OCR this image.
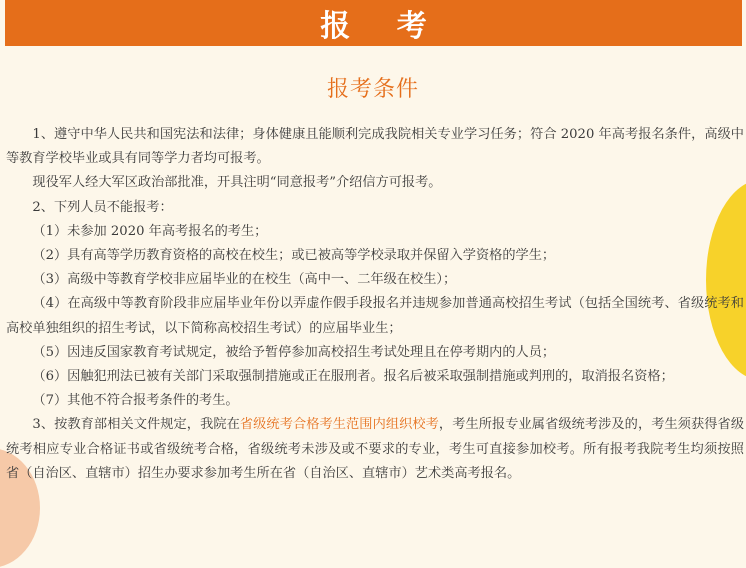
报 考
报考条件

1、遵守中华人民共和国宪法和法律；身体健康且能顺利完成我院相关专业学习任务；符合 2020 年高考报名条件，高级中等教育学校毕业或具有同等学力者均可报考。

现役军人经大军区政治部批准，开具注明“同意报考”介绍信方可报考。

2、下列人员不能报考：

（1）未参加 2020 年高考报名的考生；

（2）具有高等学历教育资格的高校在校生；或已被高等学校录取并保留入学资格的学生；

（3）高级中等教育学校非应届毕业的在校生（高中一、二年级在校生）；

（4）在高级中等教育阶段非应届毕业年份以弄虚作假手段报名并违规参加普通高校招生考试（包括全国统考、省级统考和高校单独组织的招生考试，以下简称高校招生考试）的应届毕业生；

（5）因违反国家教育考试规定，被给予暂停参加高校招生考试处理且在停考期内的人员；

（6）因触犯刑法已被有关部门采取强制措施或正在服刑者。报名后被采取强制措施或判刑的，取消报名资格；

（7）其他不符合报考条件的考生。

3、按教育部相关文件规定，我院在省级统考合格考生范围内组织校考，考生所报专业属省级统考涉及的，考生须获得省级统考相应专业合格证书或省级统考合格，省级统考未涉及或不要求的专业，考生可直接参加校考。所有报考我院考生均须按照省（自治区、直辖市）招生办要求参加考生所在省（自治区、直辖市）艺术类高考报名。
